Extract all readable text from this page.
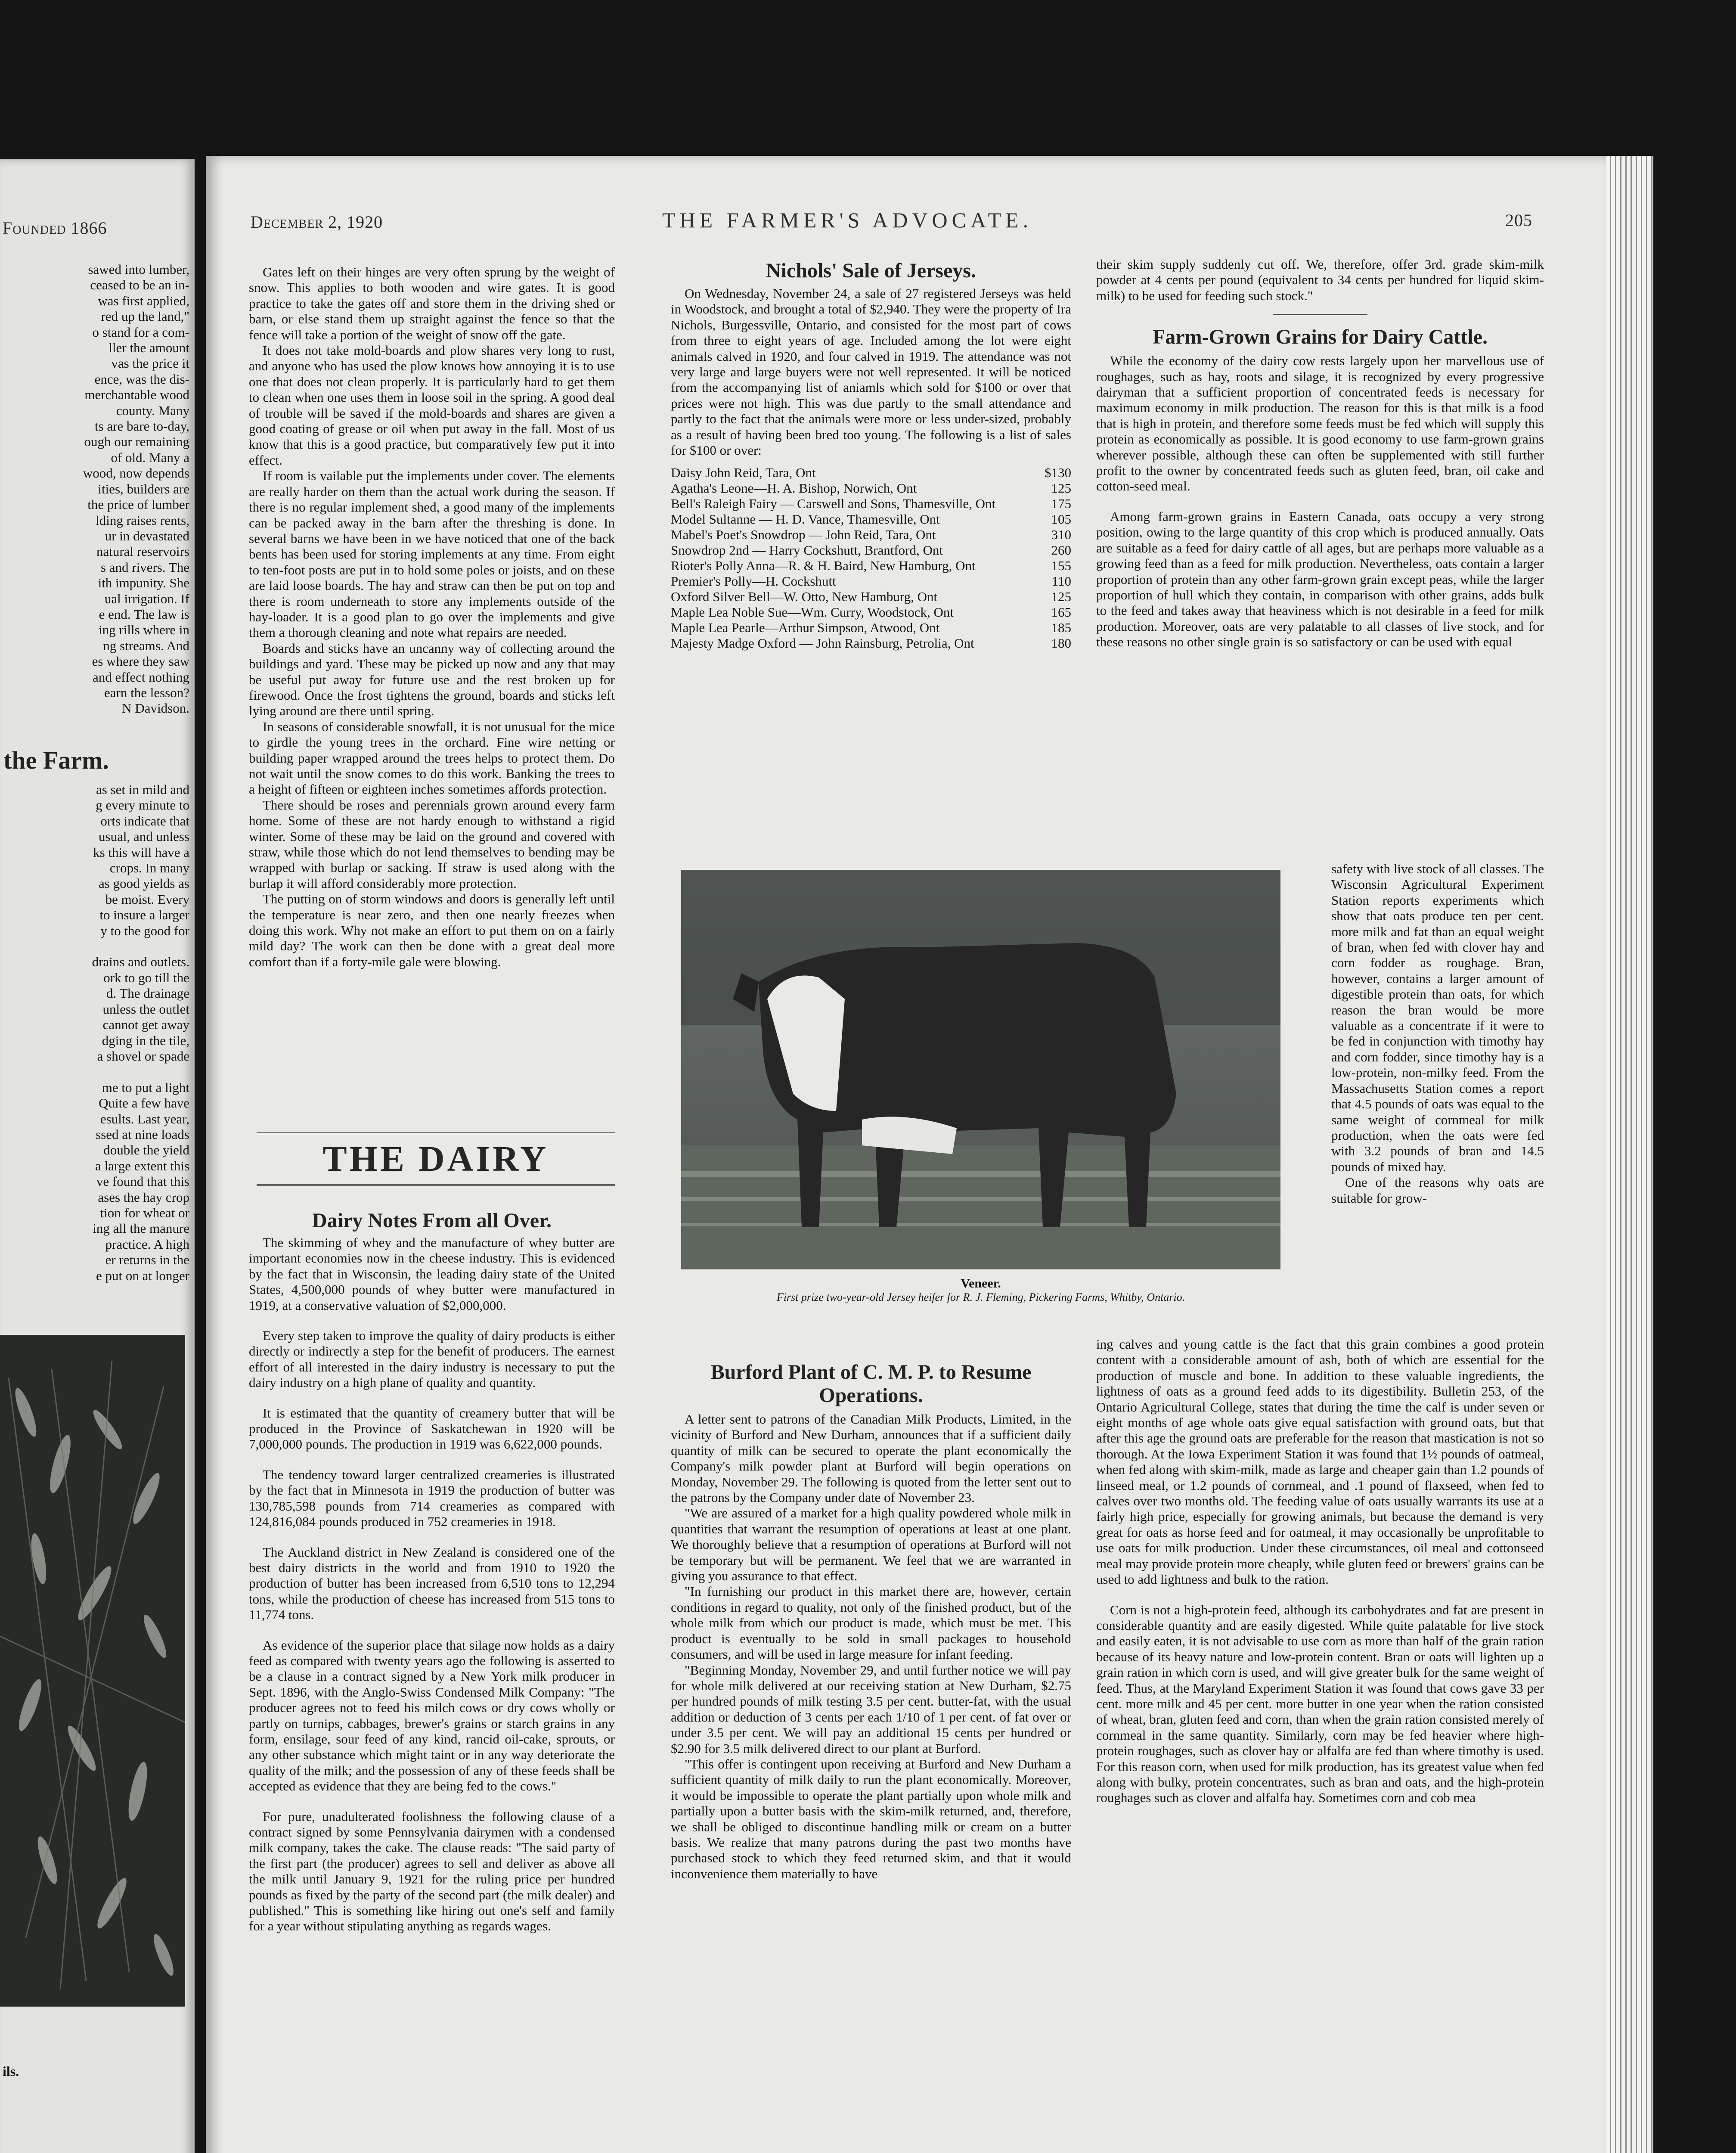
Founded 1866
sawed into lumber,
ceased to be an in-
was first applied,
red up the land,"
o stand for a com-
ller the amount
vas the price it
ence, was the dis-
merchantable wood
county. Many
ts are bare to-day,
ough our remaining
of old. Many a
wood, now depends
ities, builders are
the price of lumber
lding raises rents,
ur in devastated
natural reservoirs
s and rivers. The
ith impunity. She
ual irrigation. If
e end. The law is
ing rills where in
ng streams. And
es where they saw
and effect nothing
earn the lesson?
N Davidson.
the Farm.
as set in mild and
g every minute to
orts indicate that
usual, and unless
ks this will have a
crops. In many
as good yields as
be moist. Every
to insure a larger
y to the good for

drains and outlets.
ork to go till the
d. The drainage
unless the outlet
cannot get away
dging in the tile,
a shovel or spade

me to put a light
Quite a few have
esults. Last year,
ssed at nine loads
double the yield
a large extent this
ve found that this
ases the hay crop
tion for wheat or
ing all the manure
practice. A high
er returns in the
e put on at longer
ils.
December 2, 1920	THE FARMER'S ADVOCATE.	205

Gates left on their hinges are very often sprung by the weight of snow. This applies to both wooden and wire gates. It is good practice to take the gates off and store them in the driving shed or barn, or else stand them up straight against the fence so that the fence will take a portion of the weight of snow off the gate.

It does not take mold-boards and plow shares very long to rust, and anyone who has used the plow knows how annoying it is to use one that does not clean properly. It is particularly hard to get them to clean when one uses them in loose soil in the spring. A good deal of trouble will be saved if the mold-boards and shares are given a good coating of grease or oil when put away in the fall. Most of us know that this is a good practice, but comparatively few put it into effect.

If room is vailable put the implements under cover. The elements are really harder on them than the actual work during the season. If there is no regular implement shed, a good many of the implements can be packed away in the barn after the threshing is done. In several barns we have been in we have noticed that one of the back bents has been used for storing implements at any time. From eight to ten-foot posts are put in to hold some poles or joists, and on these are laid loose boards. The hay and straw can then be put on top and there is room underneath to store any implements outside of the hay-loader. It is a good plan to go over the implements and give them a thorough cleaning and note what repairs are needed.

Boards and sticks have an uncanny way of collecting around the buildings and yard. These may be picked up now and any that may be useful put away for future use and the rest broken up for firewood. Once the frost tightens the ground, boards and sticks left lying around are there until spring.

In seasons of considerable snowfall, it is not unusual for the mice to girdle the young trees in the orchard. Fine wire netting or building paper wrapped around the trees helps to protect them. Do not wait until the snow comes to do this work. Banking the trees to a height of fifteen or eighteen inches sometimes affords protection.

There should be roses and perennials grown around every farm home. Some of these are not hardy enough to withstand a rigid winter. Some of these may be laid on the ground and covered with straw, while those which do not lend themselves to bending may be wrapped with burlap or sacking. If straw is used along with the burlap it will afford considerably more protection.

The putting on of storm windows and doors is generally left until the temperature is near zero, and then one nearly freezes when doing this work. Why not make an effort to put them on on a fairly mild day? The work can then be done with a great deal more comfort than if a forty-mile gale were blowing.

THE DAIRY
Dairy Notes From all Over.

The skimming of whey and the manufacture of whey butter are important economies now in the cheese industry. This is evidenced by the fact that in Wisconsin, the leading dairy state of the United States, 4,500,000 pounds of whey butter were manufactured in 1919, at a conservative valuation of $2,000,000.

Every step taken to improve the quality of dairy products is either directly or indirectly a step for the benefit of producers. The earnest effort of all interested in the dairy industry is necessary to put the dairy industry on a high plane of quality and quantity.

It is estimated that the quantity of creamery butter that will be produced in the Province of Saskatchewan in 1920 will be 7,000,000 pounds. The production in 1919 was 6,622,000 pounds.

The tendency toward larger centralized creameries is illustrated by the fact that in Minnesota in 1919 the production of butter was 130,785,598 pounds from 714 creameries as compared with 124,816,084 pounds produced in 752 creameries in 1918.

The Auckland district in New Zealand is considered one of the best dairy districts in the world and from 1910 to 1920 the production of butter has been increased from 6,510 tons to 12,294 tons, while the production of cheese has increased from 515 tons to 11,774 tons.

As evidence of the superior place that silage now holds as a dairy feed as compared with twenty years ago the following is asserted to be a clause in a contract signed by a New York milk producer in Sept. 1896, with the Anglo-Swiss Condensed Milk Company: "The producer agrees not to feed his milch cows or dry cows wholly or partly on turnips, cabbages, brewer's grains or starch grains in any form, ensilage, sour feed of any kind, rancid oil-cake, sprouts, or any other substance which might taint or in any way deteriorate the quality of the milk; and the possession of any of these feeds shall be accepted as evidence that they are being fed to the cows."

For pure, unadulterated foolishness the following clause of a contract signed by some Pennsylvania dairymen with a condensed milk company, takes the cake. The clause reads: "The said party of the first part (the producer) agrees to sell and deliver as above all the milk until January 9, 1921 for the ruling price per hundred pounds as fixed by the party of the second part (the milk dealer) and published." This is something like hiring out one's self and family for a year without stipulating anything as regards wages.

Nichols' Sale of Jerseys.

On Wednesday, November 24, a sale of 27 registered Jerseys was held in Woodstock, and brought a total of $2,940. They were the property of Ira Nichols, Burgessville, Ontario, and consisted for the most part of cows from three to eight years of age. Included among the lot were eight animals calved in 1920, and four calved in 1919. The attendance was not very large and large buyers were not well represented. It will be noticed from the accompanying list of aniamls which sold for $100 or over that prices were not high. This was due partly to the small attendance and partly to the fact that the animals were more or less under-sized, probably as a result of having been bred too young. The following is a list of sales for $100 or over:

Daisy John Reid, Tara, Ont	$130
Agatha's Leone—H. A. Bishop, Norwich, Ont	125
Bell's Raleigh Fairy — Carswell and Sons, Thamesville, Ont	175
Model Sultanne — H. D. Vance, Thamesville, Ont	105
Mabel's Poet's Snowdrop — John Reid, Tara, Ont	310
Snowdrop 2nd — Harry Cockshutt, Brantford, Ont	260
Rioter's Polly Anna—R. & H. Baird, New Hamburg, Ont	155
Premier's Polly—H. Cockshutt	110
Oxford Silver Bell—W. Otto, New Hamburg, Ont	125
Maple Lea Noble Sue—Wm. Curry, Woodstock, Ont	165
Maple Lea Pearle—Arthur Simpson, Atwood, Ont	185
Majesty Madge Oxford — John Rainsburg, Petrolia, Ont	180
Veneer.
First prize two-year-old Jersey heifer for R. J. Fleming, Pickering Farms, Whitby, Ontario.
Burford Plant of C. M. P. to Resume Operations.

A letter sent to patrons of the Canadian Milk Products, Limited, in the vicinity of Burford and New Durham, announces that if a sufficient daily quantity of milk can be secured to operate the plant economically the Company's milk powder plant at Burford will begin operations on Monday, November 29. The following is quoted from the letter sent out to the patrons by the Company under date of November 23.

"We are assured of a market for a high quality powdered whole milk in quantities that warrant the resumption of operations at least at one plant. We thoroughly believe that a resumption of operations at Burford will not be temporary but will be permanent. We feel that we are warranted in giving you assurance to that effect.

"In furnishing our product in this market there are, however, certain conditions in regard to quality, not only of the finished product, but of the whole milk from which our product is made, which must be met. This product is eventually to be sold in small packages to household consumers, and will be used in large measure for infant feeding.

"Beginning Monday, November 29, and until further notice we will pay for whole milk delivered at our receiving station at New Durham, $2.75 per hundred pounds of milk testing 3.5 per cent. butter-fat, with the usual addition or deduction of 3 cents per each 1/10 of 1 per cent. of fat over or under 3.5 per cent. We will pay an additional 15 cents per hundred or $2.90 for 3.5 milk delivered direct to our plant at Burford.

"This offer is contingent upon receiving at Burford and New Durham a sufficient quantity of milk daily to run the plant economically. Moreover, it would be impossible to operate the plant partially upon whole milk and partially upon a butter basis with the skim-milk returned, and, therefore, we shall be obliged to discontinue handling milk or cream on a butter basis. We realize that many patrons during the past two months have purchased stock to which they feed returned skim, and that it would inconvenience them materially to have

their skim supply suddenly cut off. We, therefore, offer 3rd. grade skim-milk powder at 4 cents per pound (equivalent to 34 cents per hundred for liquid skim-milk) to be used for feeding such stock."

Farm-Grown Grains for Dairy Cattle.

While the economy of the dairy cow rests largely upon her marvellous use of roughages, such as hay, roots and silage, it is recognized by every progressive dairyman that a sufficient proportion of concentrated feeds is necessary for maximum economy in milk production. The reason for this is that milk is a food that is high in protein, and therefore some feeds must be fed which will supply this protein as economically as possible. It is good economy to use farm-grown grains wherever possible, although these can often be supplemented with still further profit to the owner by concentrated feeds such as gluten feed, bran, oil cake and cotton-seed meal.

Among farm-grown grains in Eastern Canada, oats occupy a very strong position, owing to the large quantity of this crop which is produced annually. Oats are suitable as a feed for dairy cattle of all ages, but are perhaps more valuable as a growing feed than as a feed for milk production. Nevertheless, oats contain a larger proportion of protein than any other farm-grown grain except peas, while the larger proportion of hull which they contain, in comparison with other grains, adds bulk to the feed and takes away that heaviness which is not desirable in a feed for milk production. Moreover, oats are very palatable to all classes of live stock, and for these reasons no other single grain is so satisfactory or can be used with equal

safety with live stock of all classes. The Wisconsin Agricultural Experiment Station reports experiments which show that oats produce ten per cent. more milk and fat than an equal weight of bran, when fed with clover hay and corn fodder as roughage. Bran, however, contains a larger amount of digestible protein than oats, for which reason the bran would be more valuable as a concentrate if it were to be fed in conjunction with timothy hay and corn fodder, since timothy hay is a low-protein, non-milky feed. From the Massachusetts Station comes a report that 4.5 pounds of oats was equal to the same weight of cornmeal for milk production, when the oats were fed with 3.2 pounds of bran and 14.5 pounds of mixed hay.

One of the reasons why oats are suitable for grow-

ing calves and young cattle is the fact that this grain combines a good protein content with a considerable amount of ash, both of which are essential for the production of muscle and bone. In addition to these valuable ingredients, the lightness of oats as a ground feed adds to its digestibility. Bulletin 253, of the Ontario Agricultural College, states that during the time the calf is under seven or eight months of age whole oats give equal satisfaction with ground oats, but that after this age the ground oats are preferable for the reason that mastication is not so thorough. At the Iowa Experiment Station it was found that 1½ pounds of oatmeal, when fed along with skim-milk, made as large and cheaper gain than 1.2 pounds of linseed meal, or 1.2 pounds of cornmeal, and .1 pound of flaxseed, when fed to calves over two months old. The feeding value of oats usually warrants its use at a fairly high price, especially for growing animals, but because the demand is very great for oats as horse feed and for oatmeal, it may occasionally be unprofitable to use oats for milk production. Under these circumstances, oil meal and cottonseed meal may provide protein more cheaply, while gluten feed or brewers' grains can be used to add lightness and bulk to the ration.

Corn is not a high-protein feed, although its carbohydrates and fat are present in considerable quantity and are easily digested. While quite palatable for live stock and easily eaten, it is not advisable to use corn as more than half of the grain ration because of its heavy nature and low-protein content. Bran or oats will lighten up a grain ration in which corn is used, and will give greater bulk for the same weight of feed. Thus, at the Maryland Experiment Station it was found that cows gave 33 per cent. more milk and 45 per cent. more butter in one year when the ration consisted of wheat, bran, gluten feed and corn, than when the grain ration consisted merely of cornmeal in the same quantity. Similarly, corn may be fed heavier where high-protein roughages, such as clover hay or alfalfa are fed than where timothy is used. For this reason corn, when used for milk production, has its greatest value when fed along with bulky, protein concentrates, such as bran and oats, and the high-protein roughages such as clover and alfalfa hay. Sometimes corn and cob mea
